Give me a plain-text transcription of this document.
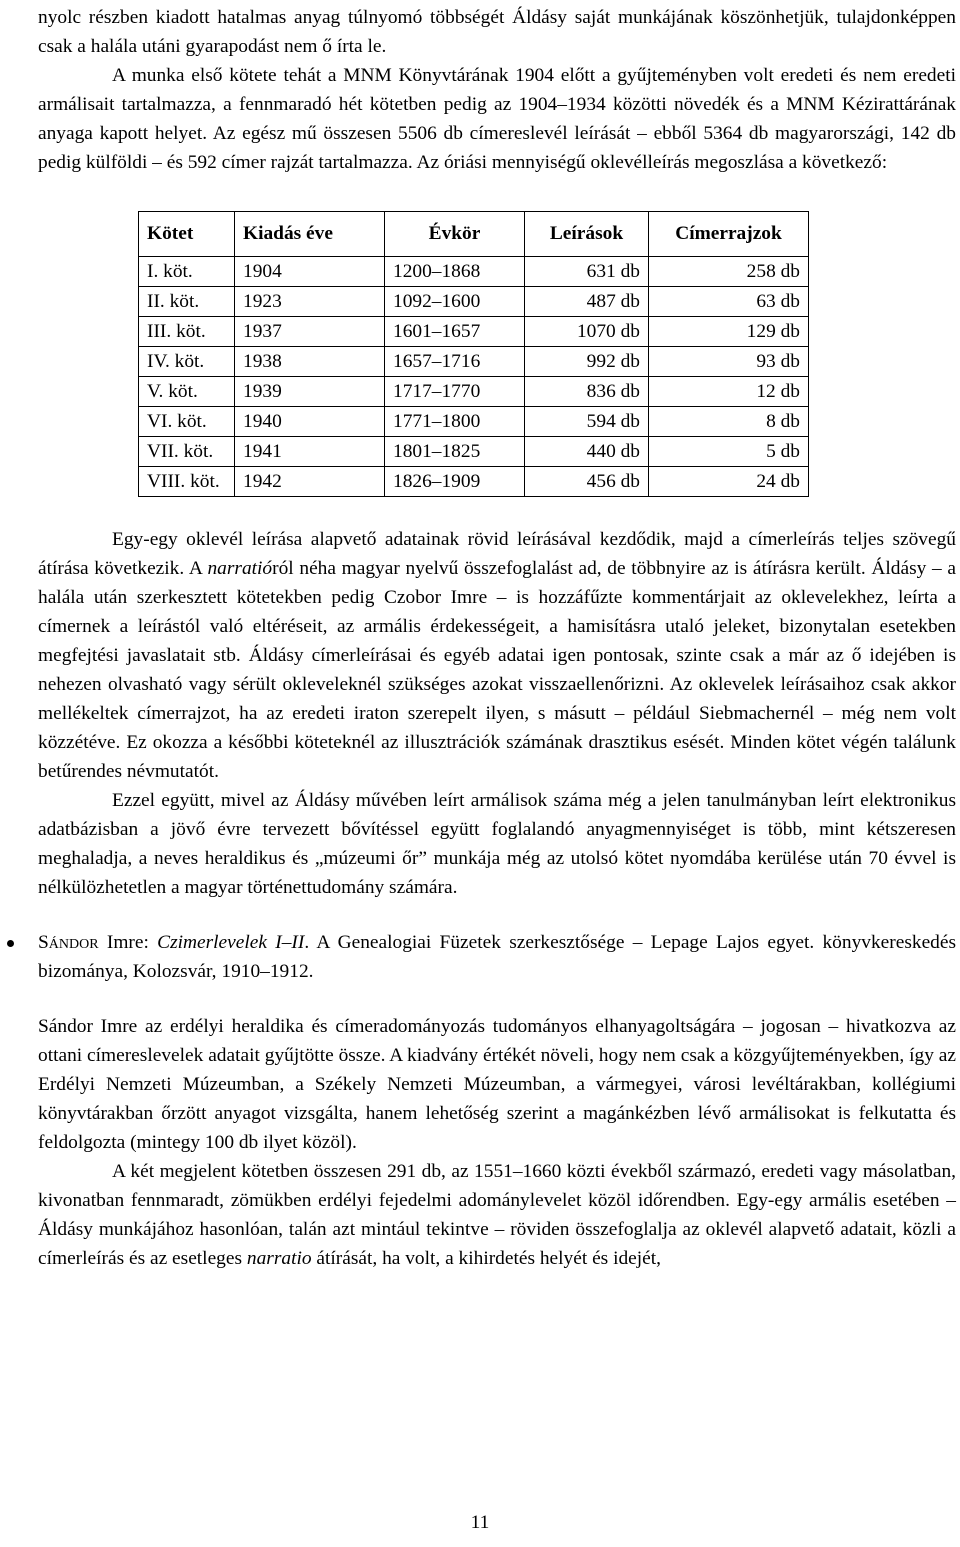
nyolc részben kiadott hatalmas anyag túlnyomó többségét Áldásy saját munkájának köszönhetjük, tulajdonképpen csak a halála utáni gyarapodást nem ő írta le.

A munka első kötete tehát a MNM Könyvtárának 1904 előtt a gyűjteményben volt eredeti és nem eredeti armálisait tartalmazza, a fennmaradó hét kötetben pedig az 1904–1934 közötti növedék és a MNM Kézirattárának anyaga kapott helyet. Az egész mű összesen 5506 db címereslevél leírását – ebből 5364 db magyarországi, 142 db pedig külföldi – és 592 címer rajzát tartalmazza. Az óriási mennyiségű oklevélleírás megoszlása a következő:

Kötet	Kiadás éve	Évkör	Leírások	Címerrajzok
I. köt.	1904	1200–1868	631 db	258 db
II. köt.	1923	1092–1600	487 db	63 db
III. köt.	1937	1601–1657	1070 db	129 db
IV. köt.	1938	1657–1716	992 db	93 db
V. köt.	1939	1717–1770	836 db	12 db
VI. köt.	1940	1771–1800	594 db	8 db
VII. köt.	1941	1801–1825	440 db	5 db
VIII. köt.	1942	1826–1909	456 db	24 db

Egy-egy oklevél leírása alapvető adatainak rövid leírásával kezdődik, majd a címerleírás teljes szövegű átírása következik. A narratióról néha magyar nyelvű összefoglalást ad, de többnyire az is átírásra került. Áldásy – a halála után szerkesztett kötetekben pedig Czobor Imre – is hozzáfűzte kommentárjait az oklevelekhez, leírta a címernek a leírástól való eltéréseit, az armális érdekességeit, a hamisításra utaló jeleket, bizonytalan esetekben megfejtési javaslatait stb. Áldásy címerleírásai és egyéb adatai igen pontosak, szinte csak a már az ő idejében is nehezen olvasható vagy sérült okleveleknél szükséges azokat visszaellenőrizni. Az oklevelek leírásaihoz csak akkor mellékeltek címerrajzot, ha az eredeti iraton szerepelt ilyen, s másutt – például Siebmachernél – még nem volt közzétéve. Ez okozza a későbbi köteteknél az illusztrációk számának drasztikus esését. Minden kötet végén találunk betűrendes névmutatót.

Ezzel együtt, mivel az Áldásy művében leírt armálisok száma még a jelen tanulmányban leírt elektronikus adatbázisban a jövő évre tervezett bővítéssel együtt foglalandó anyagmennyiséget is több, mint kétszeresen meghaladja, a neves heraldikus és „múzeumi őr” munkája még az utolsó kötet nyomdába kerülése után 70 évvel is nélkülözhetetlen a magyar történettudomány számára.

Sándor Imre: Czimerlevelek I–II. A Genealogiai Füzetek szerkesztősége – Lepage Lajos egyet. könyvkereskedés bizománya, Kolozsvár, 1910–1912.

Sándor Imre az erdélyi heraldika és címeradományozás tudományos elhanyagoltságára – jogosan – hivatkozva az ottani címereslevelek adatait gyűjtötte össze. A kiadvány értékét növeli, hogy nem csak a közgyűjteményekben, így az Erdélyi Nemzeti Múzeumban, a Székely Nemzeti Múzeumban, a vármegyei, városi levéltárakban, kollégiumi könyvtárakban őrzött anyagot vizsgálta, hanem lehetőség szerint a magánkézben lévő armálisokat is felkutatta és feldolgozta (mintegy 100 db ilyet közöl).

A két megjelent kötetben összesen 291 db, az 1551–1660 közti évekből származó, eredeti vagy másolatban, kivonatban fennmaradt, zömükben erdélyi fejedelmi adománylevelet közöl időrendben. Egy-egy armális esetében – Áldásy munkájához hasonlóan, talán azt mintául tekintve – röviden összefoglalja az oklevél alapvető adatait, közli a címerleírás és az esetleges narratio átírását, ha volt, a kihirdetés helyét és idejét,

11
